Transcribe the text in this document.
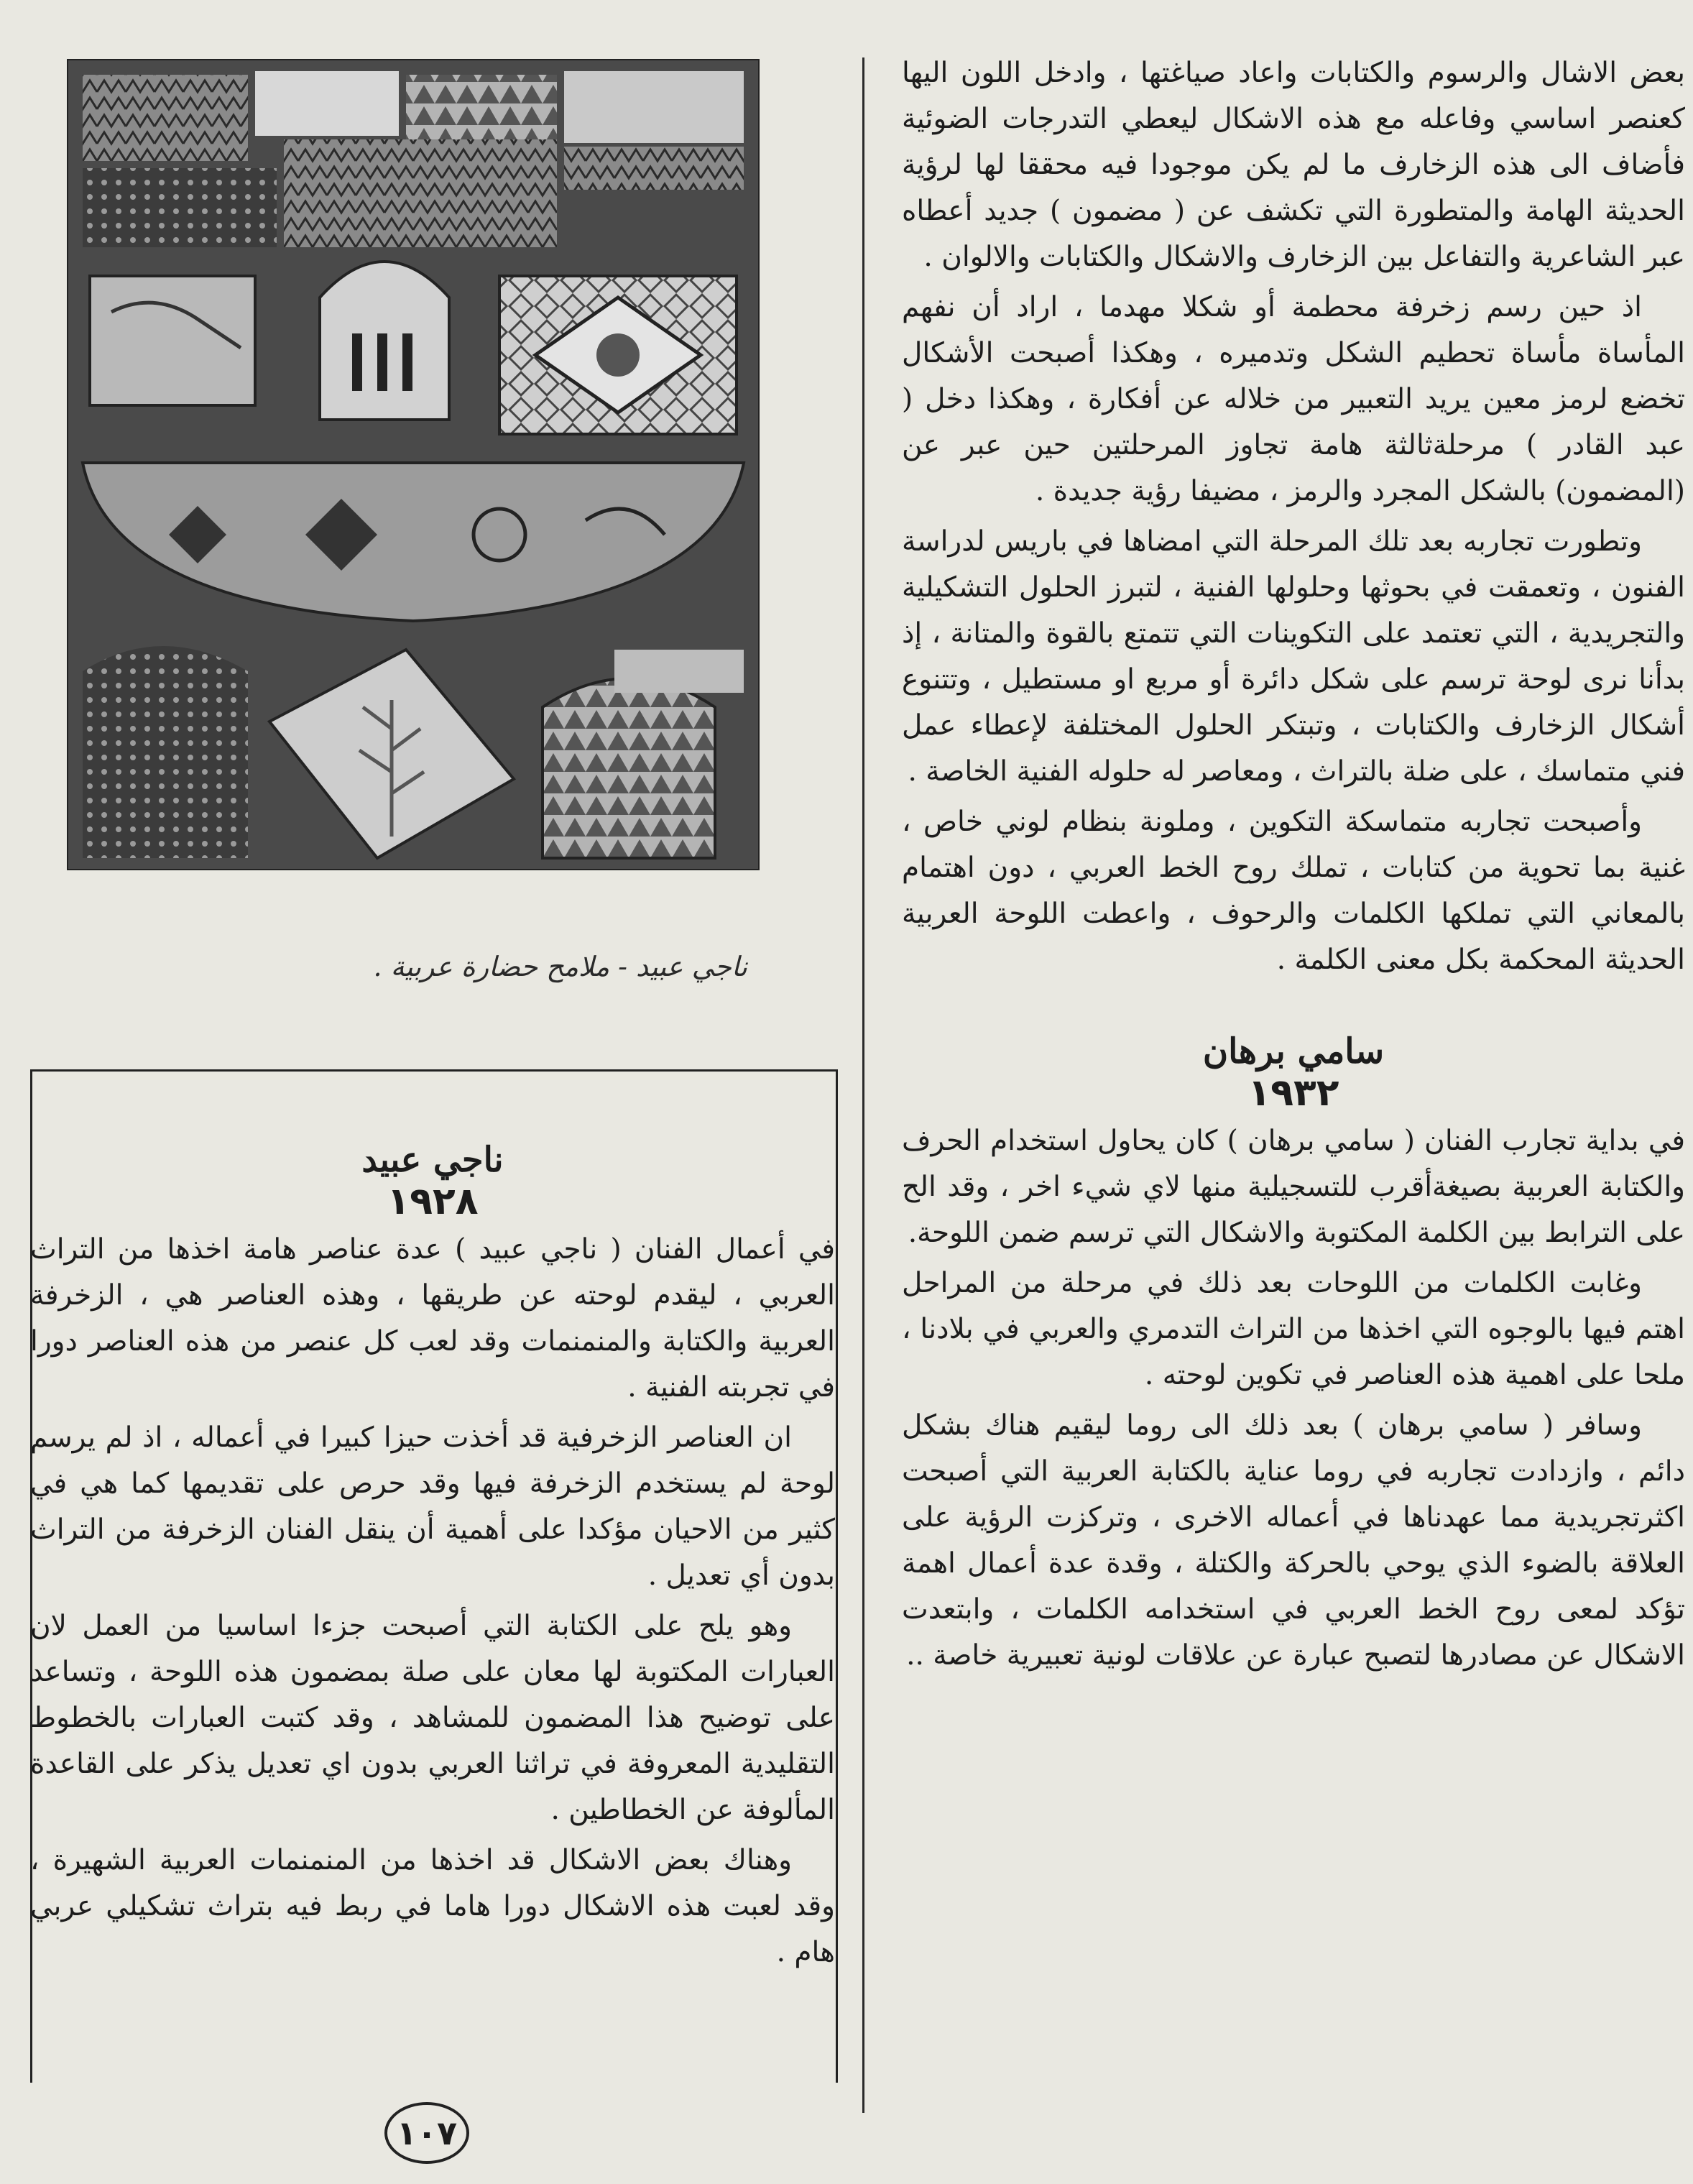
ناجي عبيد - ملامح حضارة عربية .

بعض الاشال والرسوم والكتابات واعاد صياغتها ، وادخل اللون اليها كعنصر اساسي وفاعله مع هذه الاشكال ليعطي التدرجات الضوئية فأضاف الى هذه الزخارف ما لم يكن موجودا فيه محققا لها لرؤية الحديثة الهامة والمتطورة التي تكشف عن ( مضمون ) جديد أعطاه عبر الشاعرية والتفاعل بين الزخارف والاشكال والكتابات والالوان .

اذ حين رسم زخرفة محطمة أو شكلا مهدما ، اراد أن نفهم المأساة مأساة تحطيم الشكل وتدميره ، وهكذا أصبحت الأشكال تخضع لرمز معين يريد التعبير من خلاله عن أفكارة ، وهكذا دخل ( عبد القادر ) مرحلةثالثة هامة تجاوز المرحلتين حين عبر عن (المضمون) بالشكل المجرد والرمز ، مضيفا رؤية جديدة .

وتطورت تجاربه بعد تلك المرحلة التي امضاها في باريس لدراسة الفنون ، وتعمقت في بحوثها وحلولها الفنية ، لتبرز الحلول التشكيلية والتجريدية ، التي تعتمد على التكوينات التي تتمتع بالقوة والمتانة ، إذ بدأنا نرى لوحة ترسم على شكل دائرة أو مربع او مستطيل ، وتتنوع أشكال الزخارف والكتابات ، وتبتكر الحلول المختلفة لإعطاء عمل فني متماسك ، على ضلة بالتراث ، ومعاصر له حلوله الفنية الخاصة .

وأصبحت تجاربه متماسكة التكوين ، وملونة بنظام لوني خاص ، غنية بما تحوية من كتابات ، تملك روح الخط العربي ، دون اهتمام بالمعاني التي تملكها الكلمات والرحوف ، واعطت اللوحة العربية الحديثة المحكمة بكل معنى الكلمة .

سامي برهان
١٩٣٢

في بداية تجارب الفنان ( سامي برهان ) كان يحاول استخدام الحرف والكتابة العربية بصيغةأقرب للتسجيلية منها لاي شيء اخر ، وقد الح على الترابط بين الكلمة المكتوبة والاشكال التي ترسم ضمن اللوحة.

وغابت الكلمات من اللوحات بعد ذلك في مرحلة من المراحل اهتم فيها بالوجوه التي اخذها من التراث التدمري والعربي في بلادنا ، ملحا على اهمية هذه العناصر في تكوين لوحته .

وسافر ( سامي برهان ) بعد ذلك الى روما ليقيم هناك بشكل دائم ، وازدادت تجاربه في روما عناية بالكتابة العربية التي أصبحت اكثرتجريدية مما عهدناها في أعماله الاخرى ، وتركزت الرؤية على العلاقة بالضوء الذي يوحي بالحركة والكتلة ، وقدة عدة أعمال اهمة تؤكد لمعى روح الخط العربي في استخدامه الكلمات ، وابتعدت الاشكال عن مصادرها لتصبح عبارة عن علاقات لونية تعبيرية خاصة ..

ناجي عبيد
١٩٢٨

في أعمال الفنان ( ناجي عبيد ) عدة عناصر هامة اخذها من التراث العربي ، ليقدم لوحته عن طريقها ، وهذه العناصر هي ، الزخرفة العربية والكتابة والمنمنمات وقد لعب كل عنصر من هذه العناصر دورا في تجربته الفنية .

ان العناصر الزخرفية قد أخذت حيزا كبيرا في أعماله ، اذ لم يرسم لوحة لم يستخدم الزخرفة فيها وقد حرص على تقديمها كما هي في كثير من الاحيان مؤكدا على أهمية أن ينقل الفنان الزخرفة من التراث بدون أي تعديل .

وهو يلح على الكتابة التي أصبحت جزءا اساسيا من العمل لان العبارات المكتوبة لها معان على صلة بمضمون هذه اللوحة ، وتساعد على توضيح هذا المضمون للمشاهد ، وقد كتبت العبارات بالخطوط التقليدية المعروفة في تراثنا العربي بدون اي تعديل يذكر على القاعدة المألوفة عن الخطاطين .

وهناك بعض الاشكال قد اخذها من المنمنمات العربية الشهيرة ، وقد لعبت هذه الاشكال دورا هاما في ربط فيه بتراث تشكيلي عربي هام .

١٠٧
